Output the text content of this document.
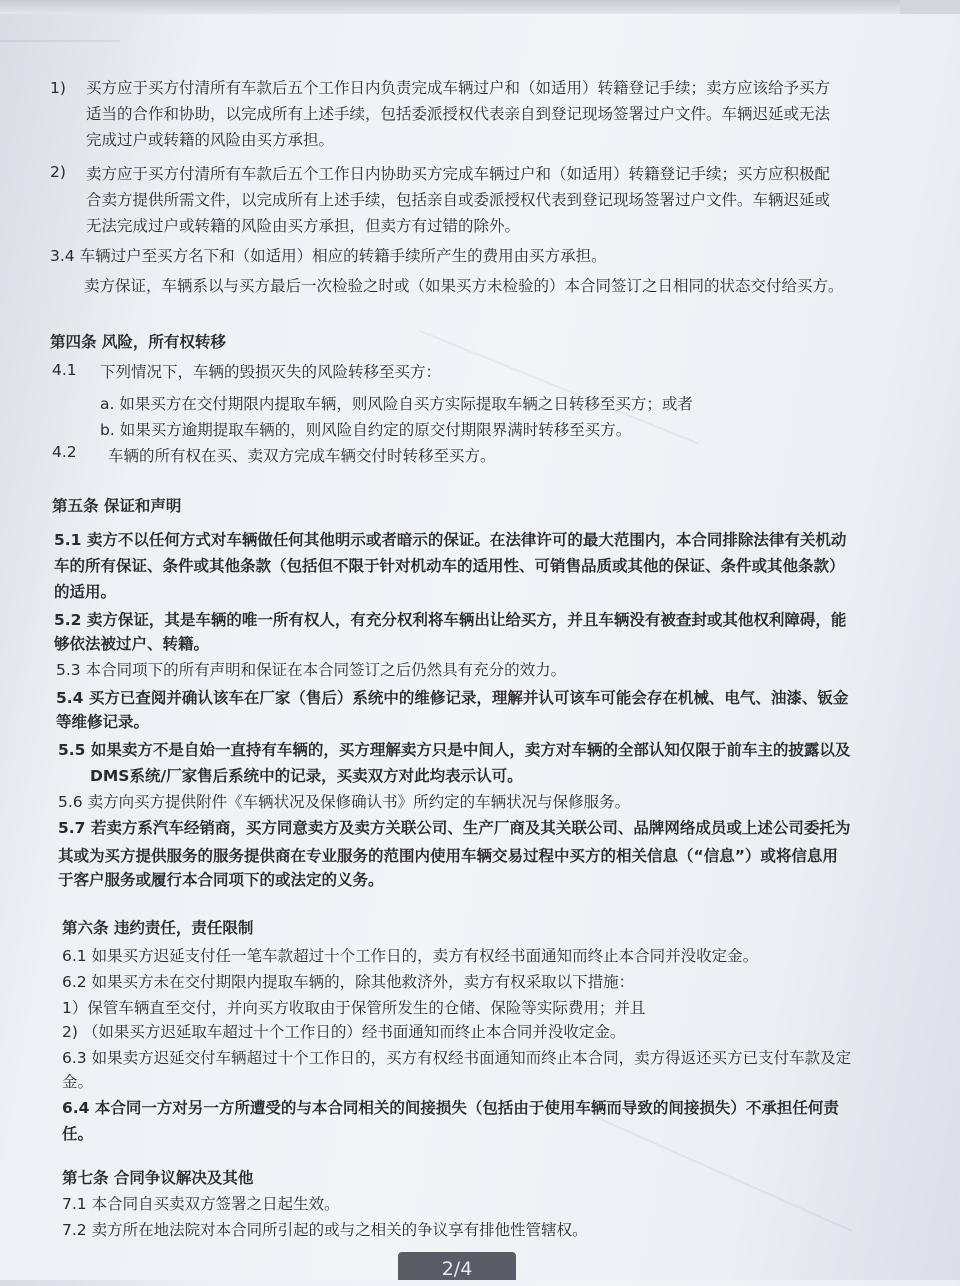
1) 买方应于买方付清所有车款后五个工作日内负责完成车辆过户和（如适用）转籍登记手续；卖方应该给予买方

适当的合作和协助，以完成所有上述手续，包括委派授权代表亲自到登记现场签署过户文件。车辆迟延或无法

完成过户或转籍的风险由买方承担。

2) 卖方应于买方付清所有车款后五个工作日内协助买方完成车辆过户和（如适用）转籍登记手续；买方应积极配

合卖方提供所需文件，以完成所有上述手续，包括亲自或委派授权代表到登记现场签署过户文件。车辆迟延或

无法完成过户或转籍的风险由买方承担，但卖方有过错的除外。

3.4 车辆过户至买方名下和（如适用）相应的转籍手续所产生的费用由买方承担。

卖方保证，车辆系以与买方最后一次检验之时或（如果买方未检验的）本合同签订之日相同的状态交付给买方。

第四条 风险，所有权转移

4.1 下列情况下，车辆的毁损灭失的风险转移至买方：

a. 如果买方在交付期限内提取车辆，则风险自买方实际提取车辆之日转移至买方；或者

b. 如果买方逾期提取车辆的，则风险自约定的原交付期限界满时转移至买方。

4.2 车辆的所有权在买、卖双方完成车辆交付时转移至买方。

第五条 保证和声明

5.1 卖方不以任何方式对车辆做任何其他明示或者暗示的保证。在法律许可的最大范围内，本合同排除法律有关机动

车的所有保证、条件或其他条款（包括但不限于针对机动车的适用性、可销售品质或其他的保证、条件或其他条款）

的适用。

5.2 卖方保证，其是车辆的唯一所有权人，有充分权利将车辆出让给买方，并且车辆没有被查封或其他权利障碍，能

够依法被过户、转籍。

5.3 本合同项下的所有声明和保证在本合同签订之后仍然具有充分的效力。

5.4 买方已查阅并确认该车在厂家（售后）系统中的维修记录，理解并认可该车可能会存在机械、电气、油漆、钣金

等维修记录。

5.5 如果卖方不是自始一直持有车辆的，买方理解卖方只是中间人，卖方对车辆的全部认知仅限于前车主的披露以及

DMS系统/厂家售后系统中的记录，买卖双方对此均表示认可。

5.6 卖方向买方提供附件《车辆状况及保修确认书》所约定的车辆状况与保修服务。

5.7 若卖方系汽车经销商，买方同意卖方及卖方关联公司、生产厂商及其关联公司、品牌网络成员或上述公司委托为

其或为买方提供服务的服务提供商在专业服务的范围内使用车辆交易过程中买方的相关信息（“信息”）或将信息用

于客户服务或履行本合同项下的或法定的义务。

第六条 违约责任，责任限制

6.1 如果买方迟延支付任一笔车款超过十个工作日的，卖方有权经书面通知而终止本合同并没收定金。

6.2 如果买方未在交付期限内提取车辆的，除其他救济外，卖方有权采取以下措施：

1）保管车辆直至交付，并向买方收取由于保管所发生的仓储、保险等实际费用；并且

2) （如果买方迟延取车超过十个工作日的）经书面通知而终止本合同并没收定金。

6.3 如果卖方迟延交付车辆超过十个工作日的，买方有权经书面通知而终止本合同，卖方得返还买方已支付车款及定

金。

6.4 本合同一方对另一方所遭受的与本合同相关的间接损失（包括由于使用车辆而导致的间接损失）不承担任何责

任。

第七条 合同争议解决及其他

7.1 本合同自买卖双方签署之日起生效。

7.2 卖方所在地法院对本合同所引起的或与之相关的争议享有排他性管辖权。

2/4
